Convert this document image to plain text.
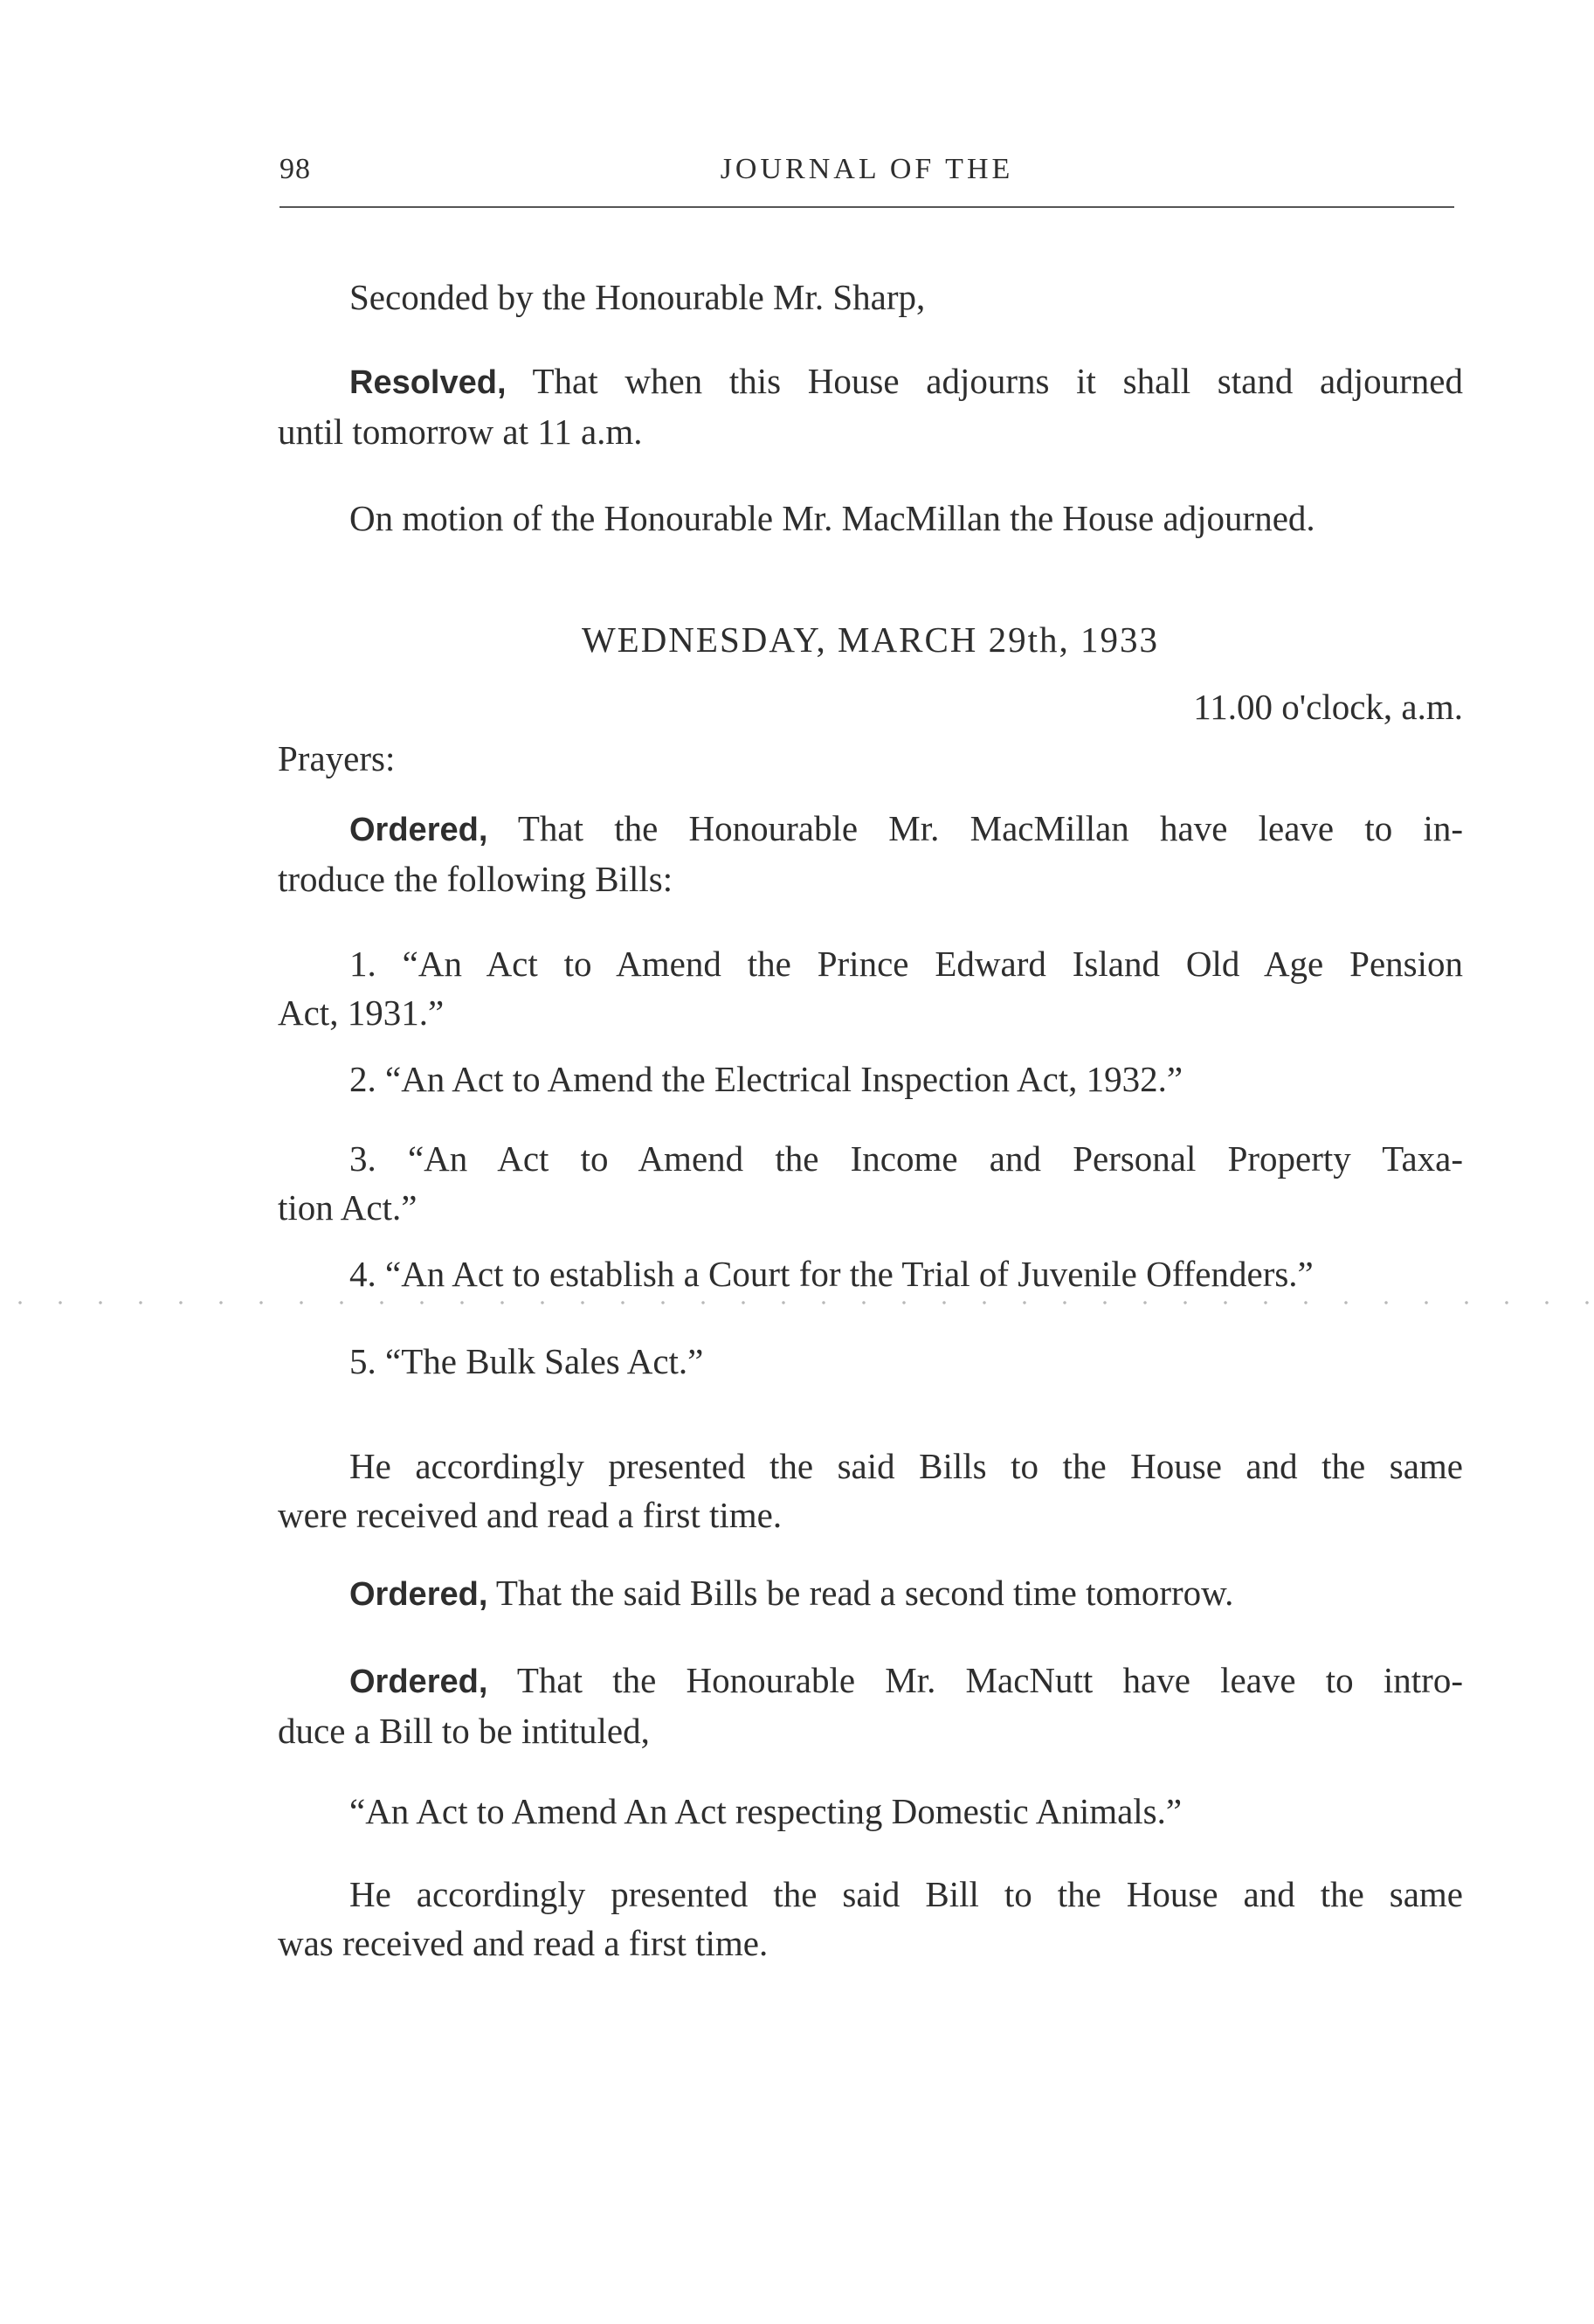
98	JOURNAL OF THE
Seconded by the Honourable Mr. Sharp,
Resolved, That when this House adjourns it shall stand adjourned
until tomorrow at 11 a.m.
On motion of the Honourable Mr. MacMillan the House adjourned.
WEDNESDAY, MARCH 29th, 1933
11.00 o'clock, a.m.
Prayers:
Ordered, That the Honourable Mr. MacMillan have leave to in-
troduce the following Bills:
1. “An Act to Amend the Prince Edward Island Old Age Pension
Act, 1931.”
2. “An Act to Amend the Electrical Inspection Act, 1932.”
3. “An Act to Amend the Income and Personal Property Taxa-
tion Act.”
4. “An Act to establish a Court for the Trial of Juvenile Offenders.”
5. “The Bulk Sales Act.”
He accordingly presented the said Bills to the House and the same
were received and read a first time.
Ordered, That the said Bills be read a second time tomorrow.
Ordered, That the Honourable Mr. MacNutt have leave to intro-
duce a Bill to be intituled,
“An Act to Amend An Act respecting Domestic Animals.”
He accordingly presented the said Bill to the House and the same
was received and read a first time.
